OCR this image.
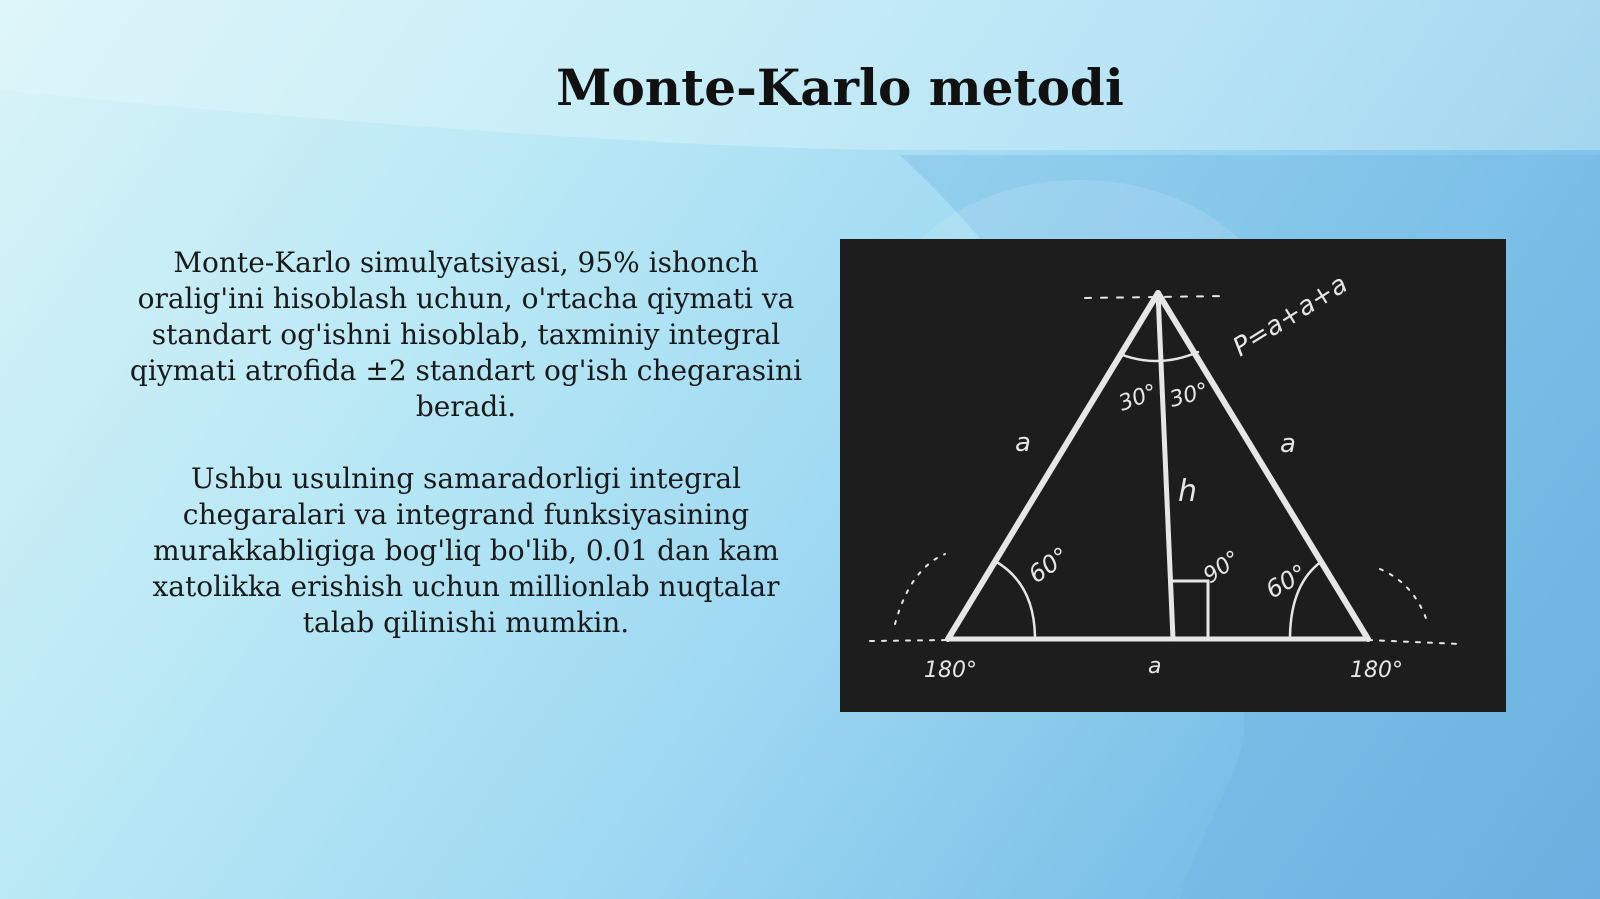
Monte-Karlo metodi
Monte-Karlo simulyatsiyasi, 95% ishonch oralig'ini hisoblash uchun, o'rtacha qiymati va standart og'ishni hisoblab, taxminiy integral qiymati atrofida ±2 standart og'ish chegarasini beradi.
Ushbu usulning samaradorligi integral chegaralari va integrand funksiyasining murakkabligiga bog'liq bo'lib, 0.01 dan kam xatolikka erishish uchun millionlab nuqtalar talab qilinishi mumkin.
P=a+a+a
a	a
a
h
30° 30°
60°	60°
90°
180°	180°
